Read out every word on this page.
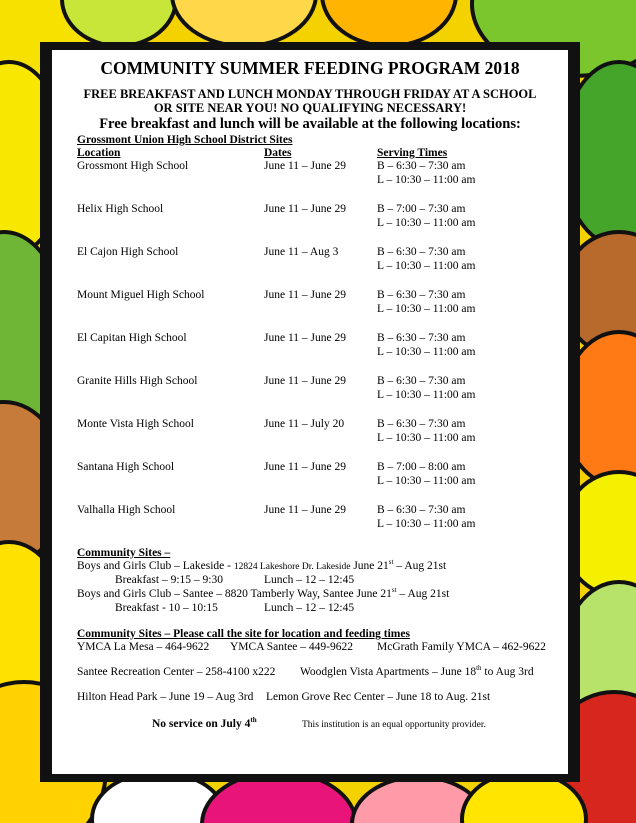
COMMUNITY SUMMER FEEDING PROGRAM 2018
FREE BREAKFAST AND LUNCH MONDAY THROUGH FRIDAY AT A SCHOOL
OR SITE NEAR YOU! NO QUALIFYING NECESSARY!
Free breakfast and lunch will be available at the following locations:
Grossmont Union High School District Sites
Location	Dates	Serving Times
Grossmont High School	June 11 – June 29	B – 6:30 – 7:30 am
L – 10:30 – 11:00 am
Helix High School	June 11 – June 29	B – 7:00 – 7:30 am
L – 10:30 – 11:00 am
El Cajon High School	June 11 – Aug 3	B – 6:30 – 7:30 am
L – 10:30 – 11:00 am
Mount Miguel High School	June 11 – June 29	B – 6:30 – 7:30 am
L – 10:30 – 11:00 am
El Capitan High School	June 11 – June 29	B – 6:30 – 7:30 am
L – 10:30 – 11:00 am
Granite Hills High School	June 11 – June 29	B – 6:30 – 7:30 am
L – 10:30 – 11:00 am
Monte Vista High School	June 11 – July 20	B – 6:30 – 7:30 am
L – 10:30 – 11:00 am
Santana High School	June 11 – June 29	B – 7:00 – 8:00 am
L – 10:30 – 11:00 am
Valhalla High School	June 11 – June 29	B – 6:30 – 7:30 am
L – 10:30 – 11:00 am
Community Sites –
Boys and Girls Club – Lakeside - 12824 Lakeshore Dr. Lakeside June 21st – Aug 21st
Breakfast – 9:15 – 9:30	Lunch – 12 – 12:45
Boys and Girls Club – Santee – 8820 Tamberly Way, Santee June 21st – Aug 21st
Breakfast - 10 – 10:15	Lunch – 12 – 12:45
Community Sites – Please call the site for location and feeding times
YMCA La Mesa – 464-9622 YMCA Santee – 449-9622 McGrath Family YMCA – 462-9622
Santee Recreation Center – 258-4100 x222 Woodglen Vista Apartments – June 18th to Aug 3rd
Hilton Head Park – June 19 – Aug 3rd Lemon Grove Rec Center – June 18 to Aug. 21st
No service on July 4th	This institution is an equal opportunity provider.
